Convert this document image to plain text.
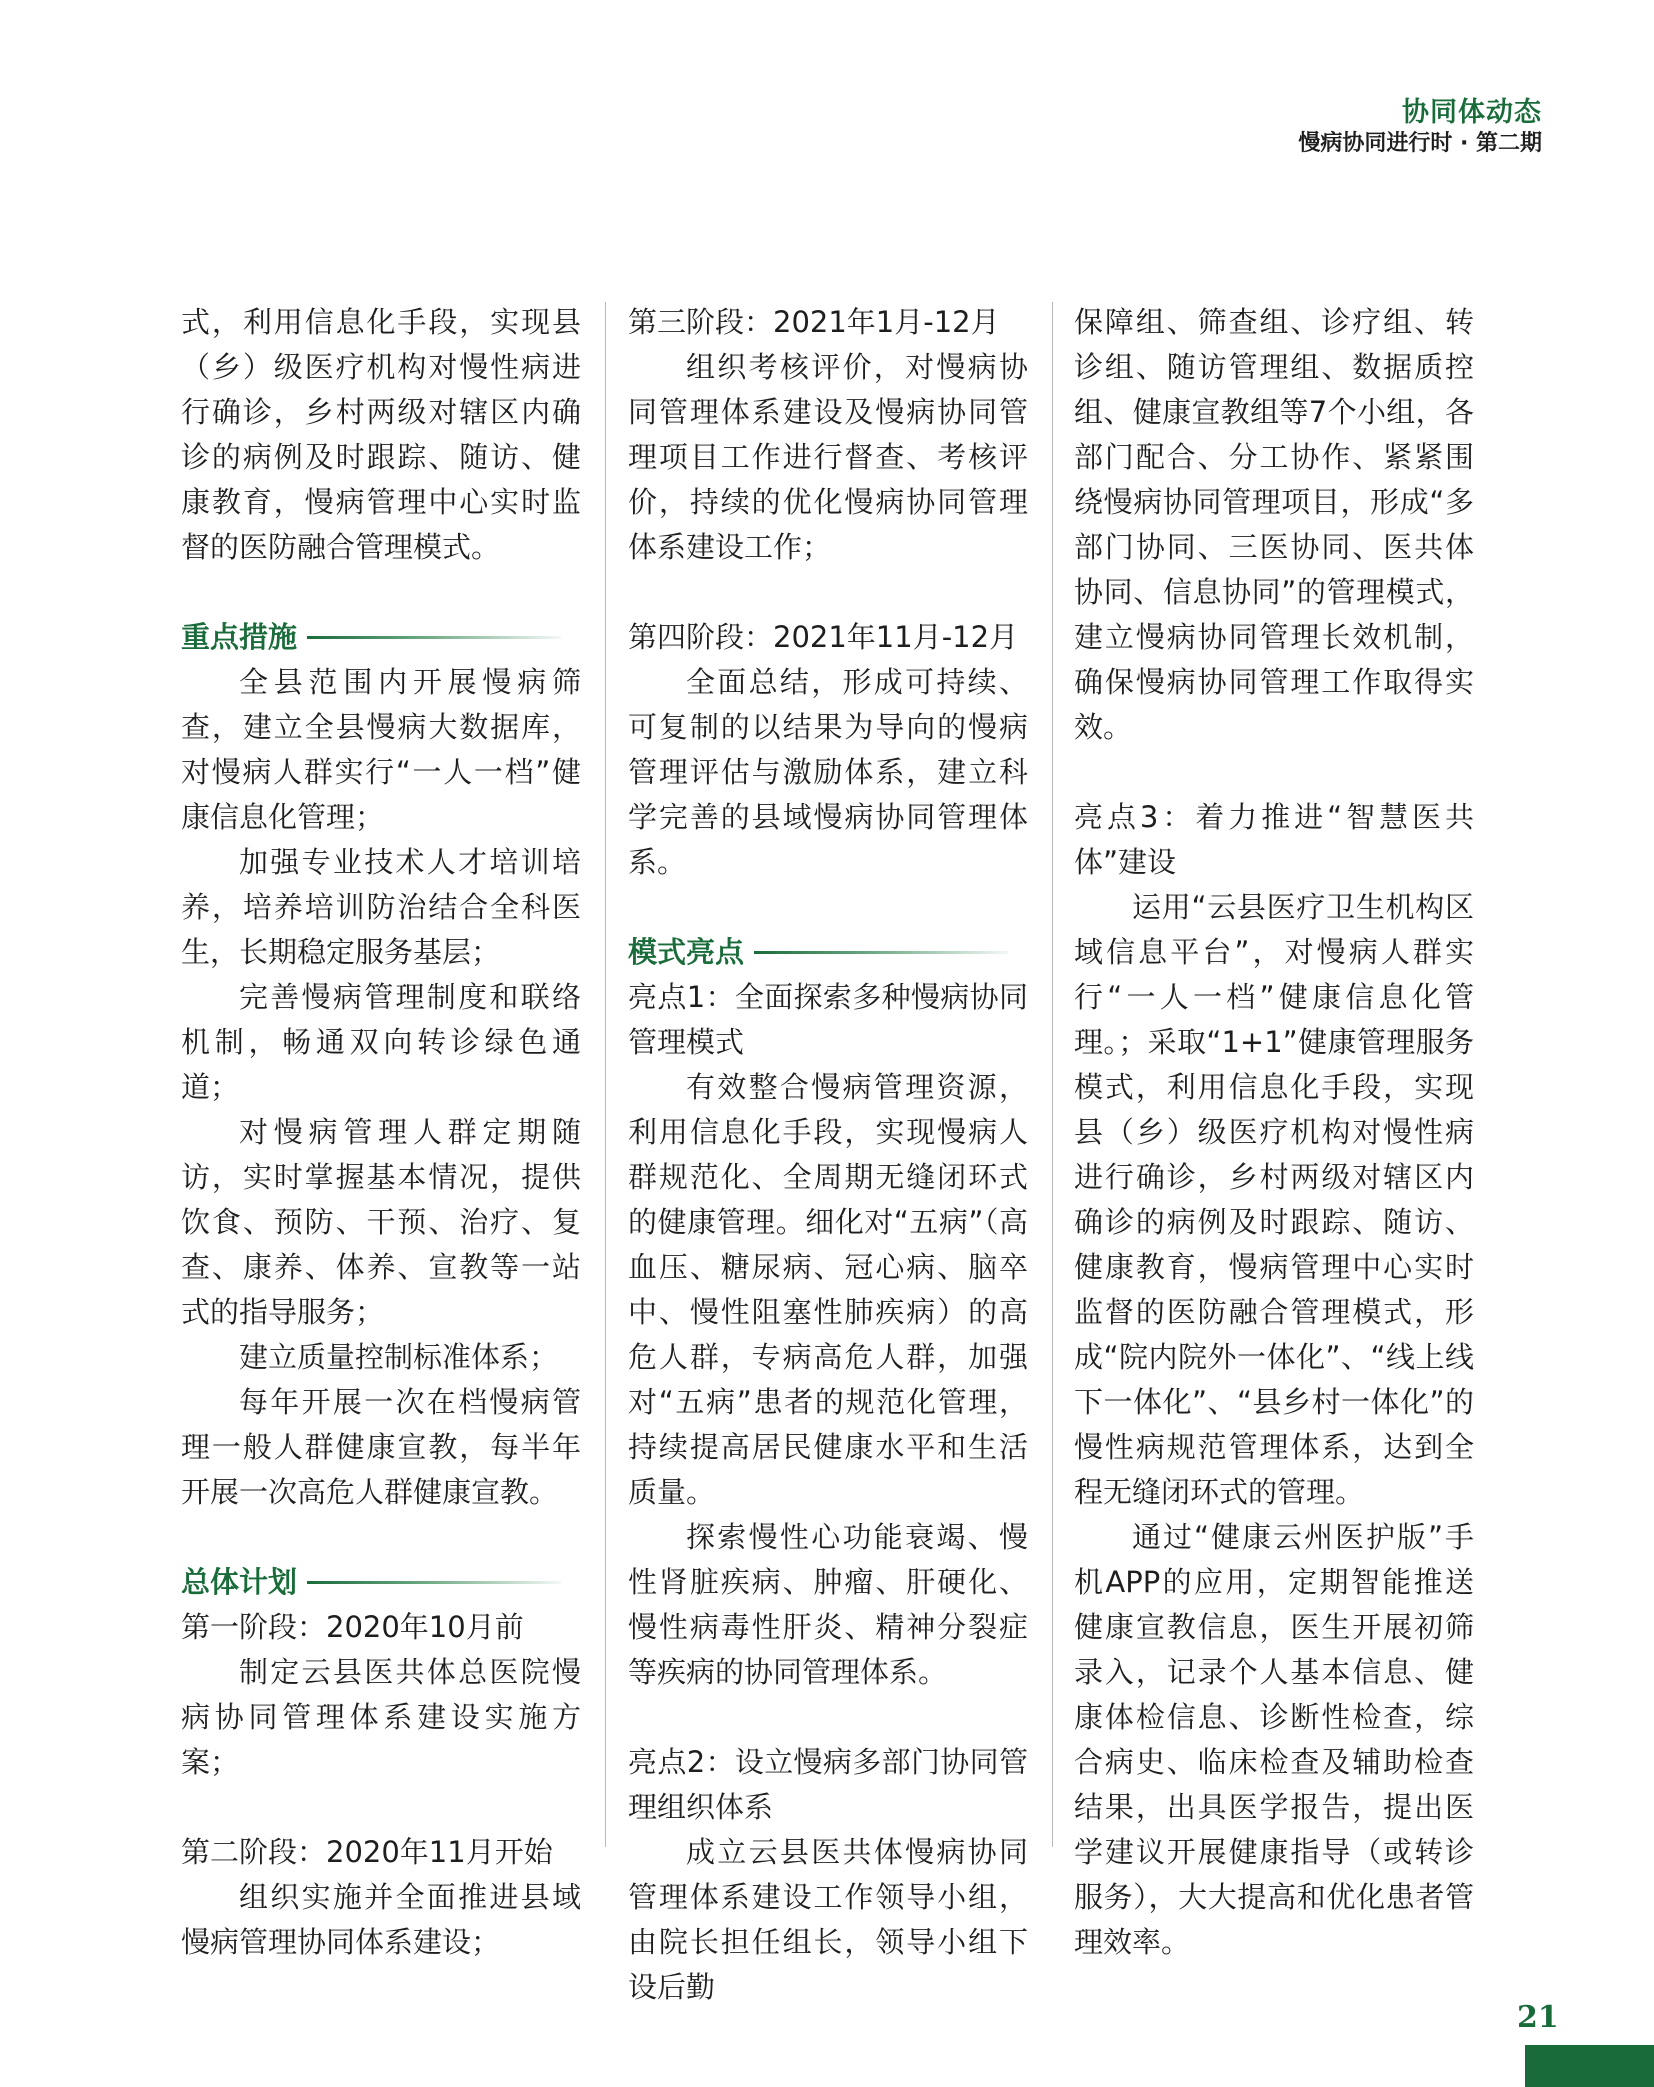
协同体动态
慢病协同进行时 · 第二期

式，利用信息化手段，实现县（乡）级医疗机构对慢性病进行确诊，乡村两级对辖区内确诊的病例及时跟踪、随访、健康教育，慢病管理中心实时监督的医防融合管理模式。

重点措施

全县范围内开展慢病筛查，建立全县慢病大数据库，对慢病人群实行“一人一档”健康信息化管理；

加强专业技术人才培训培养，培养培训防治结合全科医生，长期稳定服务基层；

完善慢病管理制度和联络机制，畅通双向转诊绿色通道；

对慢病管理人群定期随访，实时掌握基本情况，提供饮食、预防、干预、治疗、复查、康养、体养、宣教等一站式的指导服务；

建立质量控制标准体系；

每年开展一次在档慢病管理一般人群健康宣教，每半年开展一次高危人群健康宣教。

总体计划

第一阶段：2020年10月前

制定云县医共体总医院慢病协同管理体系建设实施方案；

第二阶段：2020年11月开始

组织实施并全面推进县域慢病管理协同体系建设；

第三阶段：2021年1月-12月

组织考核评价，对慢病协同管理体系建设及慢病协同管理项目工作进行督查、考核评价，持续的优化慢病协同管理体系建设工作；

第四阶段：2021年11月-12月

全面总结，形成可持续、可复制的以结果为导向的慢病管理评估与激励体系，建立科学完善的县域慢病协同管理体系。

模式亮点

亮点1：全面探索多种慢病协同管理模式

有效整合慢病管理资源，利用信息化手段，实现慢病人群规范化、全周期无缝闭环式的健康管理。细化对“五病”（高血压、糖尿病、冠心病、脑卒中、慢性阻塞性肺疾病）的高危人群，专病高危人群，加强对“五病”患者的规范化管理，持续提高居民健康水平和生活质量。

探索慢性心功能衰竭、慢性肾脏疾病、肿瘤、肝硬化、慢性病毒性肝炎、精神分裂症等疾病的协同管理体系。

亮点2：设立慢病多部门协同管理组织体系

成立云县医共体慢病协同管理体系建设工作领导小组，由院长担任组长，领导小组下设后勤

保障组、筛查组、诊疗组、转诊组、随访管理组、数据质控组、健康宣教组等7个小组，各部门配合、分工协作、紧紧围绕慢病协同管理项目，形成“多部门协同、三医协同、医共体协同、信息协同”的管理模式，建立慢病协同管理长效机制，确保慢病协同管理工作取得实效。

亮点3：着力推进“智慧医共体”建设

运用“云县医疗卫生机构区域信息平台”，对慢病人群实行“一人一档”健康信息化管理。；采取“1+1”健康管理服务模式，利用信息化手段，实现县（乡）级医疗机构对慢性病进行确诊，乡村两级对辖区内确诊的病例及时跟踪、随访、健康教育，慢病管理中心实时监督的医防融合管理模式，形成“院内院外一体化”、“线上线下一体化”、“县乡村一体化”的慢性病规范管理体系，达到全程无缝闭环式的管理。

通过“健康云州医护版”手机APP的应用，定期智能推送健康宣教信息，医生开展初筛录入，记录个人基本信息、健康体检信息、诊断性检查，综合病史、临床检查及辅助检查结果，出具医学报告，提出医学建议开展健康指导（或转诊服务），大大提高和优化患者管理效率。

21
